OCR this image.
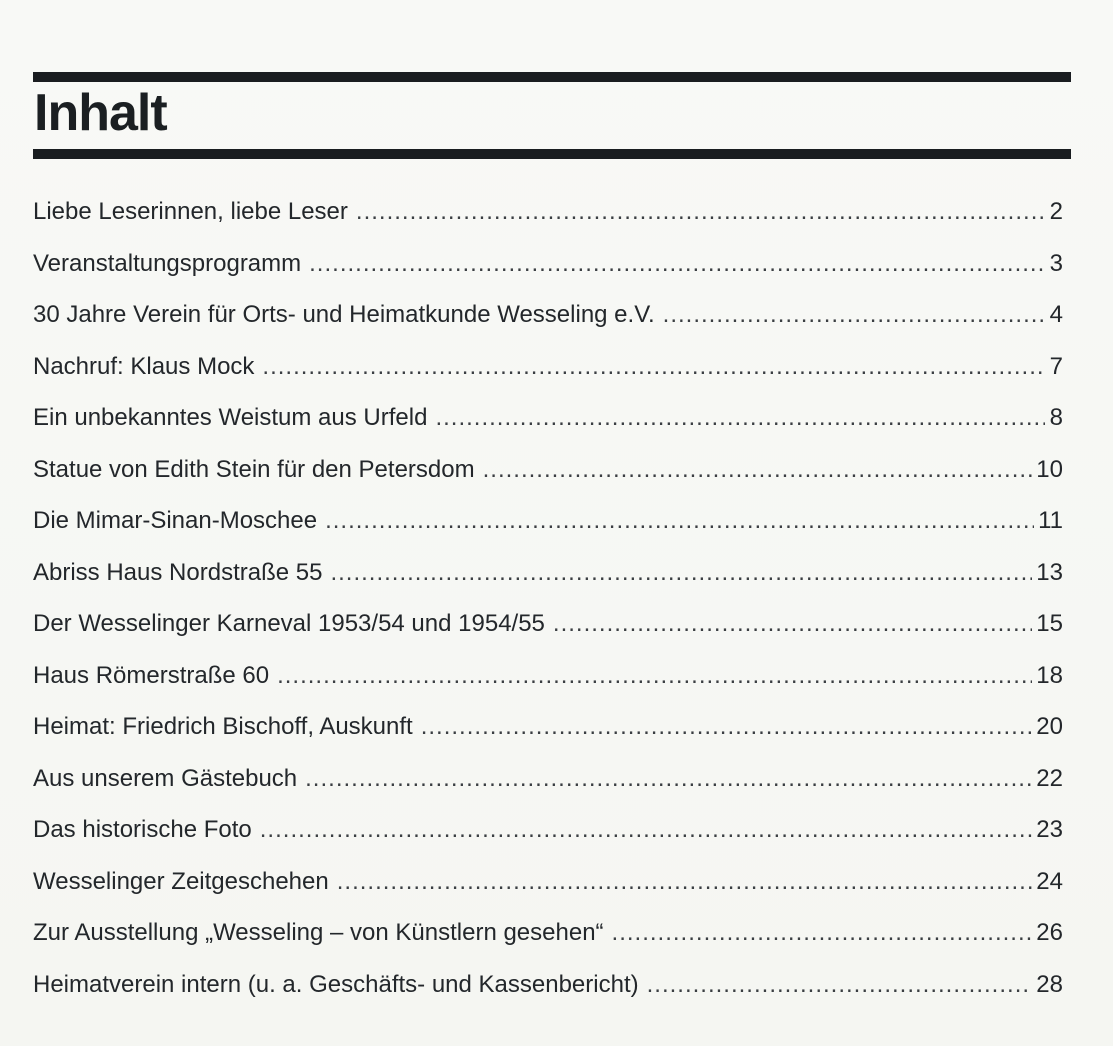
Inhalt
Liebe Leserinnen, liebe Leser .....	2
Veranstaltungsprogramm .....	3
30 Jahre Verein für Orts- und Heimatkunde Wesseling e.V. .....	4
Nachruf: Klaus Mock .....	7
Ein unbekanntes Weistum aus Urfeld .....	8
Statue von Edith Stein für den Petersdom .....	10
Die Mimar-Sinan-Moschee .....	11
Abriss Haus Nordstraße 55 .....	13
Der Wesselinger Karneval 1953/54 und 1954/55 .....	15
Haus Römerstraße 60 .....	18
Heimat: Friedrich Bischoff, Auskunft .....	20
Aus unserem Gästebuch .....	22
Das historische Foto .....	23
Wesselinger Zeitgeschehen .....	24
Zur Ausstellung „Wesseling – von Künstlern gesehen“ .....	26
Heimatverein intern (u. a. Geschäfts- und Kassenbericht) .....	28
